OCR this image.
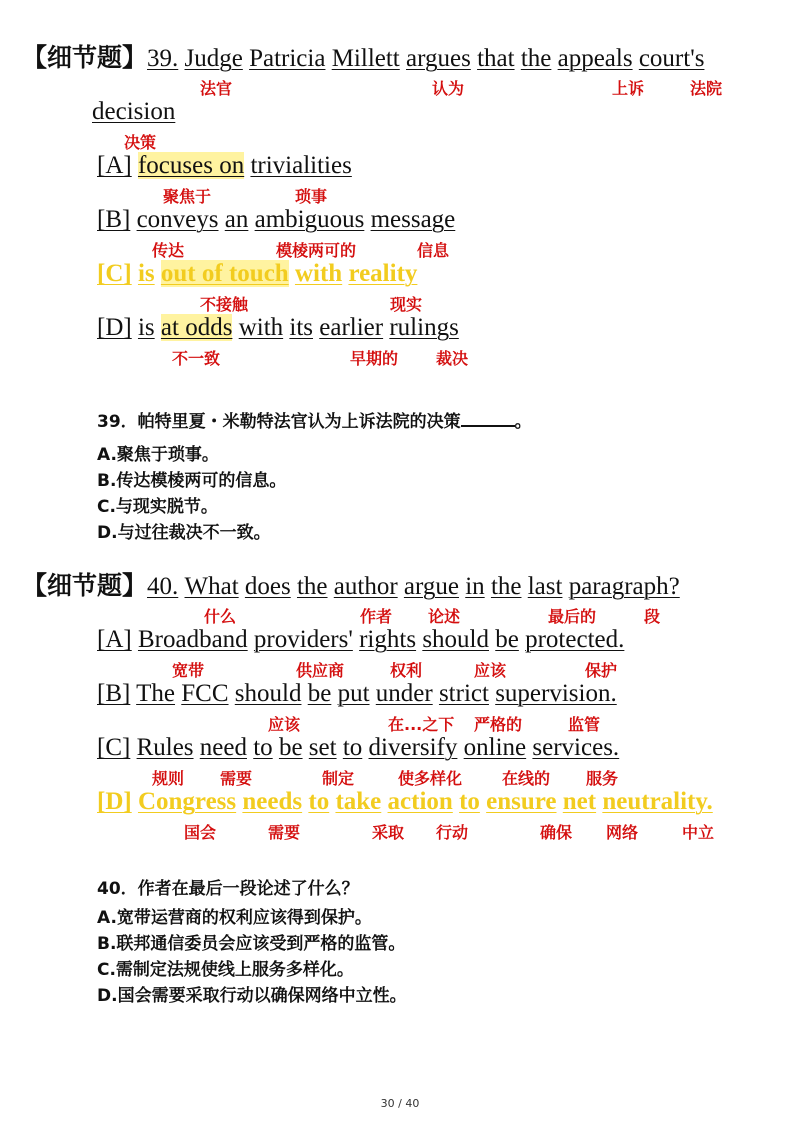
【细节题】39. Judge Patricia Millett argues that the appeals court's
法官	认为	上诉	法院
decision
决策
[A] focuses on trivialities
聚焦于	琐事
[B] conveys an ambiguous message
传达	模棱两可的	信息
[C] is out of touch with reality
不接触	现实
[D] is at odds with its earlier rulings
不一致	早期的 裁决
39．帕特里夏・米勒特法官认为上诉法院的决策	。
A.聚焦于琐事。
B.传达模棱两可的信息。
C.与现实脱节。
D.与过往裁决不一致。
【细节题】40. What does the author argue in the last paragraph?
什么	作者 论述	最后的	段
[A] Broadband providers' rights should be protected.
宽带	供应商	权利	应该	保护
[B] The FCC should be put under strict supervision.
应该	在...之下 严格的	监管
[C] Rules need to be set to diversify online services.
规则 需要	制定	使多样化 在线的 服务
[D] Congress needs to take action to ensure net neutrality.
国会	需要	采取 行动	确保 网络	中立
40．作者在最后一段论述了什么？
A.宽带运营商的权利应该得到保护。
B.联邦通信委员会应该受到严格的监管。
C.需制定法规使线上服务多样化。
D.国会需要采取行动以确保网络中立性。
30 / 40
